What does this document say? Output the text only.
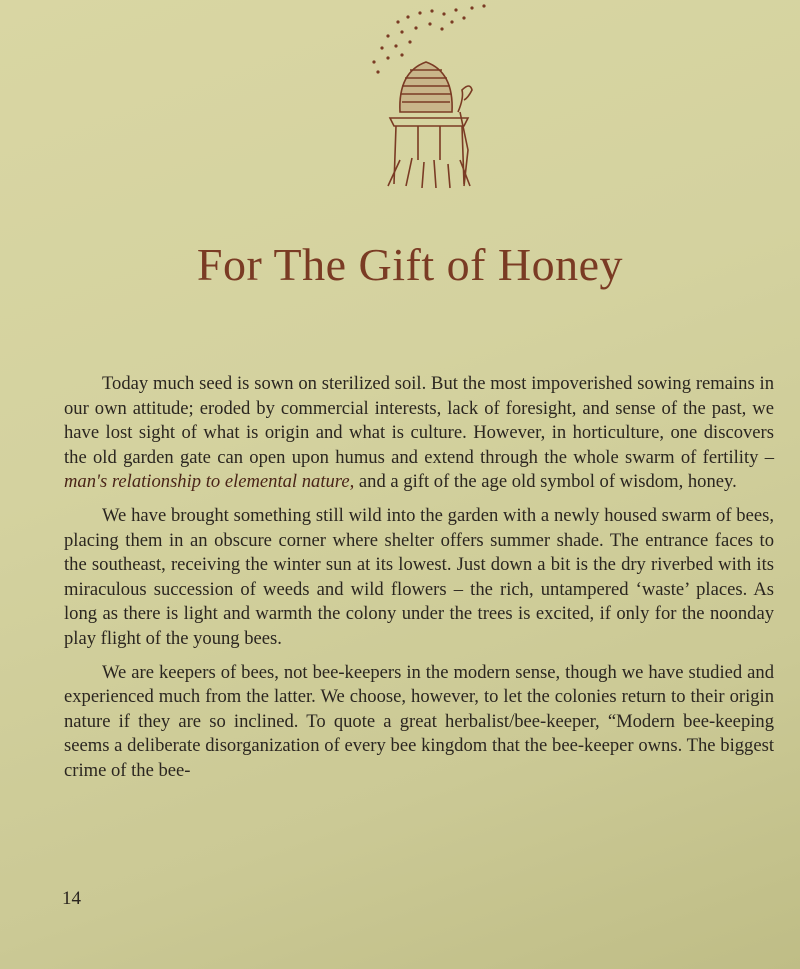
For The Gift of Honey

Today much seed is sown on sterilized soil. But the most impoverished sowing remains in our own attitude; eroded by commercial interests, lack of foresight, and sense of the past, we have lost sight of what is origin and what is culture. However, in horticulture, one discovers the old garden gate can open upon humus and extend through the whole swarm of fertility – man's relationship to elemental nature, and a gift of the age old symbol of wisdom, honey.

We have brought something still wild into the garden with a newly housed swarm of bees, placing them in an obscure corner where shelter offers summer shade. The entrance faces to the southeast, receiving the winter sun at its lowest. Just down a bit is the dry riverbed with its miraculous succession of weeds and wild flowers – the rich, untampered ‘waste’ places. As long as there is light and warmth the colony under the trees is excited, if only for the noonday play flight of the young bees.

We are keepers of bees, not bee-keepers in the modern sense, though we have studied and experienced much from the latter. We choose, however, to let the colonies return to their origin nature if they are so inclined. To quote a great herbalist/bee-keeper, “Modern bee-keeping seems a deliberate disorganization of every bee kingdom that the bee-keeper owns. The biggest crime of the bee-

14
